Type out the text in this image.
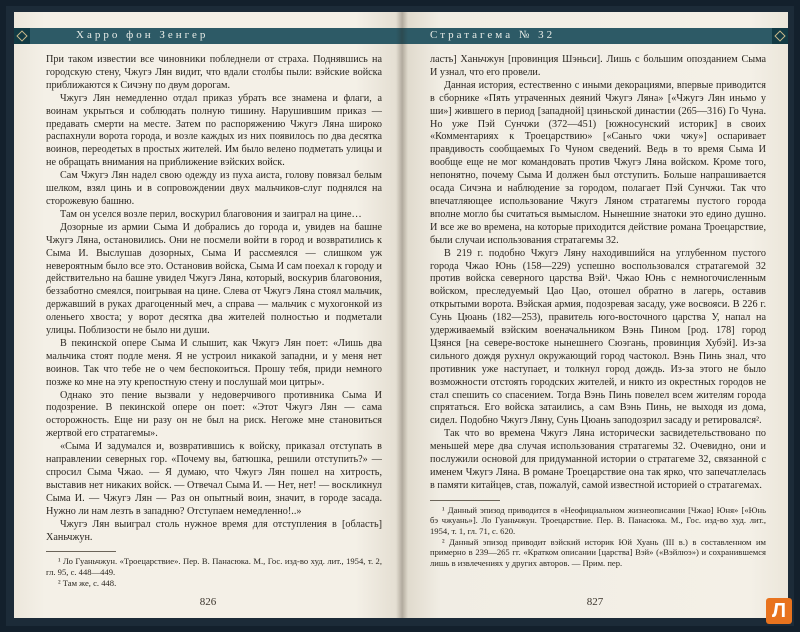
Харро фон Зенгер

При таком известии все чиновники побледнели от страха. Поднявшись на городскую стену, Чжугэ Лян видит, что вдали столбы пыли: вэйские войска приближаются к Сичэну по двум дорогам.

Чжугэ Лян немедленно отдал приказ убрать все знамена и флаги, а воинам укрыться и соблюдать полную тишину. Нарушившим приказ — предавать смерти на месте. Затем по распоряжению Чжугэ Ляна широко распахнули ворота города, и возле каждых из них появилось по два десятка воинов, переодетых в простых жителей. Им было велено подметать улицы и не обращать внимания на приближение вэйских войск.

Сам Чжугэ Лян надел свою одежду из пуха аиста, голову повязал белым шелком, взял цинь и в сопровождении двух мальчиков-слуг поднялся на сторожевую башню.

Там он уселся возле перил, воскурил благовония и заиграл на цине…

Дозорные из армии Сыма И добрались до города и, увидев на башне Чжугэ Ляна, остановились. Они не посмели войти в город и возвратились к Сыма И. Выслушав дозорных, Сыма И рассмеялся — слишком уж невероятным было все это. Остановив войска, Сыма И сам поехал к городу и действительно на башне увидел Чжугэ Ляна, который, воскурив благовония, беззаботно смеялся, поигрывая на цине. Слева от Чжугэ Ляна стоял мальчик, державший в руках драгоценный меч, а справа — мальчик с мухогонкой из оленьего хвоста; у ворот десятка два жителей полностью и подметали улицы. Поблизости не было ни души.

В пекинской опере Сыма И слышит, как Чжугэ Лян поет: «Лишь два мальчика стоят подле меня. Я не устроил никакой западни, и у меня нет воинов. Так что тебе не о чем беспокоиться. Прошу тебя, приди немного позже ко мне на эту крепостную стену и послушай мои цитры».

Однако это пение вызвали у недоверчивого противника Сыма И подозрение. В пекинской опере он поет: «Этот Чжугэ Лян — сама осторожность. Еще ни разу он не был на риск. Негоже мне становиться жертвой его стратагемы».

«Сыма И задумался и, возвратившись к войску, приказал отступать в направлении северных гор. «Почему вы, батюшка, решили отступить?» — спросил Сыма Чжао. — Я думаю, что Чжугэ Лян пошел на хитрость, выставив нет никаких войск. — Отвечал Сыма И. — Нет, нет! — воскликнул Сыма И. — Чжугэ Лян — Раз он опытный воин, значит, в городе засада. Нужно ли нам лезть в западню? Отступаем немедленно!..»

Чжугэ Лян выиграл столь нужное время для отступления в [область] Ханьчжун.

¹ Ло Гуаньчжун. «Троецарствие». Пер. В. Панасюка. М., Гос. изд-во худ. лит., 1954, т. 2, гл. 95, с. 448—449.

² Там же, с. 448.

826
Стратагема № 32

ласть] Ханьчжун [провинция Шэньси]. Лишь с большим опозданием Сыма И узнал, что его провели.

Данная история, естественно с иными декорациями, впервые приводится в сборнике «Пять утраченных деяний Чжугэ Ляна» [«Чжугэ Лян иньмо у ши»] жившего в период [западной] цзиньской династии (265—316) Го Чуна. Но уже Пэй Сунчжи (372—451) [южносунский историк] в своих «Комментариях к Троецарствию» [«Саньго чжи чжу»] оспаривает правдивость сообщаемых Го Чуном сведений. Ведь в то время Сыма И вообще еще не мог командовать против Чжугэ Ляна войском. Кроме того, непонятно, почему Сыма И должен был отступить. Больше напрашивается осада Сичэна и наблюдение за городом, полагает Пэй Сунчжи. Так что впечатляющее использование Чжугэ Ляном стратагемы пустого города вполне могло бы считаться вымыслом. Нынешние знатоки это едино душно. И все же во времена, на которые приходится действие романа Троецарствие, были случаи использования стратагемы 32.

В 219 г. подобно Чжугэ Ляну находившийся на углубенном пустого города Чжао Юнь (158—229) успешно воспользовался стратагемой 32 против войска северного царства Вэй¹. Чжао Юнь с немногочисленным войском, преследуемый Цао Цао, отошел обратно в лагерь, оставив открытыми ворота. Вэйская армия, подозревая засаду, уже восвояси. В 226 г. Сунь Цюань (182—253), правитель юго-восточного царства У, напал на удерживаемый вэйским военачальником Вэнь Пином [род. 178] город Цзянся [на севере-востоке нынешнего Сюэгань, провинция Хубэй]. Из-за сильного дождя рухнул окружающий город частокол. Вэнь Пинь знал, что противник уже наступает, и толкнул город дождь. Из-за этого не было возможности отстоять городских жителей, и никто из окрестных городов не стал спешить со спасением. Тогда Вэнь Пинь повелел всем жителям города спрятаться. Его войска затаились, а сам Вэнь Пинь, не выходя из дома, сидел. Подобно Чжугэ Ляну, Сунь Цюань заподозрил засаду и ретировался².

Так что во времена Чжугэ Ляна исторически засвидетельствовано по меньшей мере два случая использования стратагемы 32. Очевидно, они и послужили основой для придуманной истории о стратагеме 32, связанной с именем Чжугэ Ляна. В романе Троецарствие она так ярко, что запечатлелась в памяти китайцев, став, пожалуй, самой известной историей о стратагемах.

¹ Данный эпизод приводится в «Неофициальном жизнеописании [Чжао] Юня» [«Юнь бэ чжуань»]. Ло Гуаньчжун. Троецарствие. Пер. В. Панасюка. М., Гос. изд-во худ. лит., 1954, т. 1, гл. 71, с. 620.

² Данный эпизод приводит вэйский историк Юй Хуань (III в.) в составленном им примерно в 239—265 гг. «Кратком описании [царства] Вэй» («Вэйлюэ») и сохранившемся лишь в извлечениях у других авторов. — Прим. пер.

827	Л
